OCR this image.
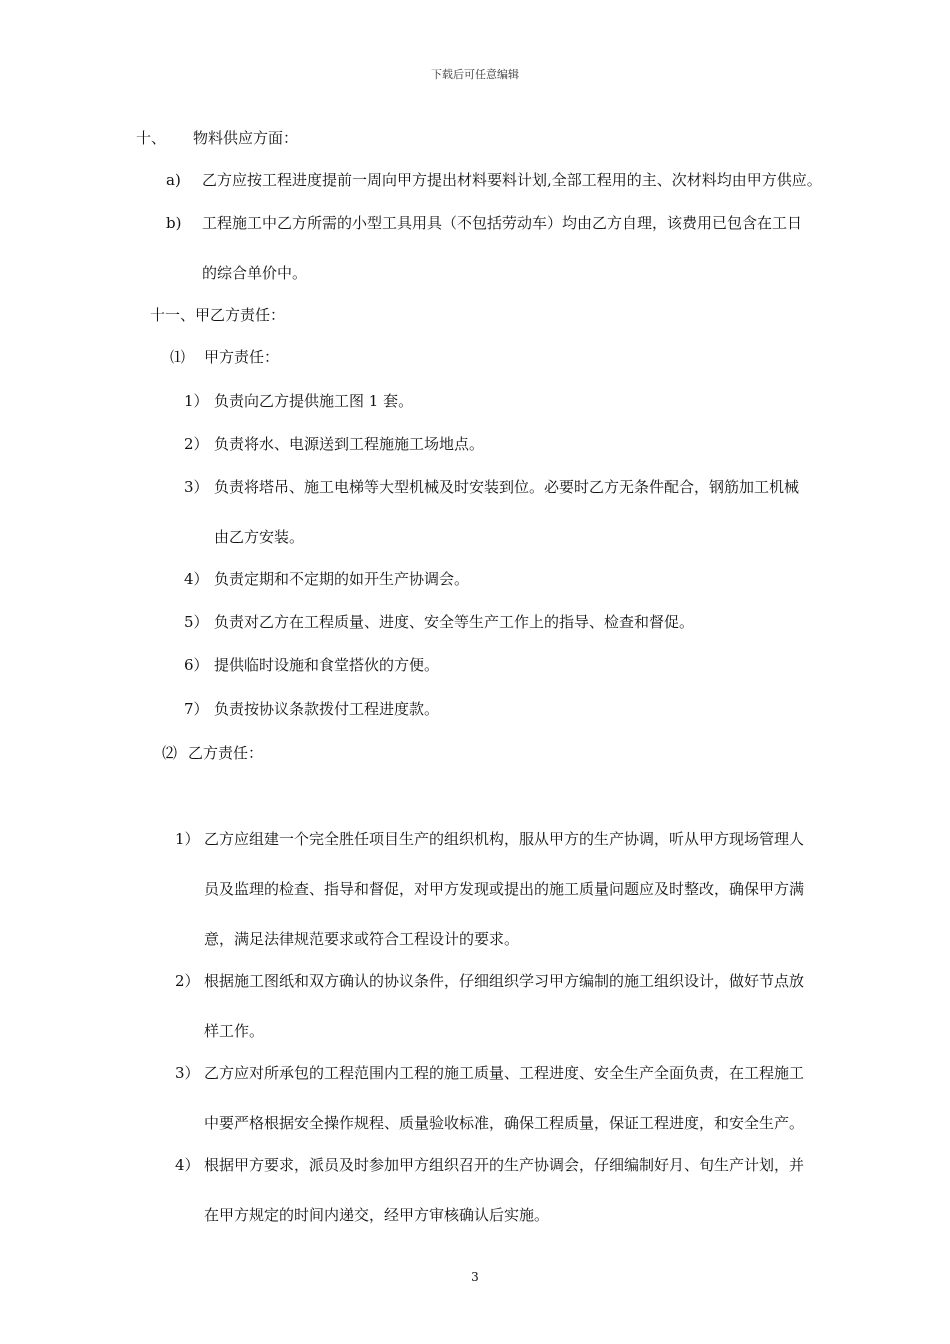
下载后可任意编辑
十、 物料供应方面：
a) 乙方应按工程进度提前一周向甲方提出材料要料计划,全部工程用的主、次材料均由甲方供应。
b) 工程施工中乙方所需的小型工具用具（不包括劳动车）均由乙方自理，该费用已包含在工日
的综合单价中。
十一、甲乙方责任：
⑴ 甲方责任：
1） 负责向乙方提供施工图 1 套。
2） 负责将水、电源送到工程施施工场地点。
3） 负责将塔吊、施工电梯等大型机械及时安装到位。必要时乙方无条件配合，钢筋加工机械
由乙方安装。
4） 负责定期和不定期的如开生产协调会。
5） 负责对乙方在工程质量、进度、安全等生产工作上的指导、检查和督促。
6） 提供临时设施和食堂搭伙的方便。
7） 负责按协议条款拨付工程进度款。
⑵ 乙方责任：
1） 乙方应组建一个完全胜任项目生产的组织机构，服从甲方的生产协调，听从甲方现场管理人
员及监理的检查、指导和督促，对甲方发现或提出的施工质量问题应及时整改，确保甲方满
意，满足法律规范要求或符合工程设计的要求。
2） 根据施工图纸和双方确认的协议条件，仔细组织学习甲方编制的施工组织设计，做好节点放
样工作。
3） 乙方应对所承包的工程范围内工程的施工质量、工程进度、安全生产全面负责，在工程施工
中要严格根据安全操作规程、质量验收标准，确保工程质量，保证工程进度，和安全生产。
4） 根据甲方要求，派员及时参加甲方组织召开的生产协调会，仔细编制好月、旬生产计划，并
在甲方规定的时间内递交，经甲方审核确认后实施。
3
